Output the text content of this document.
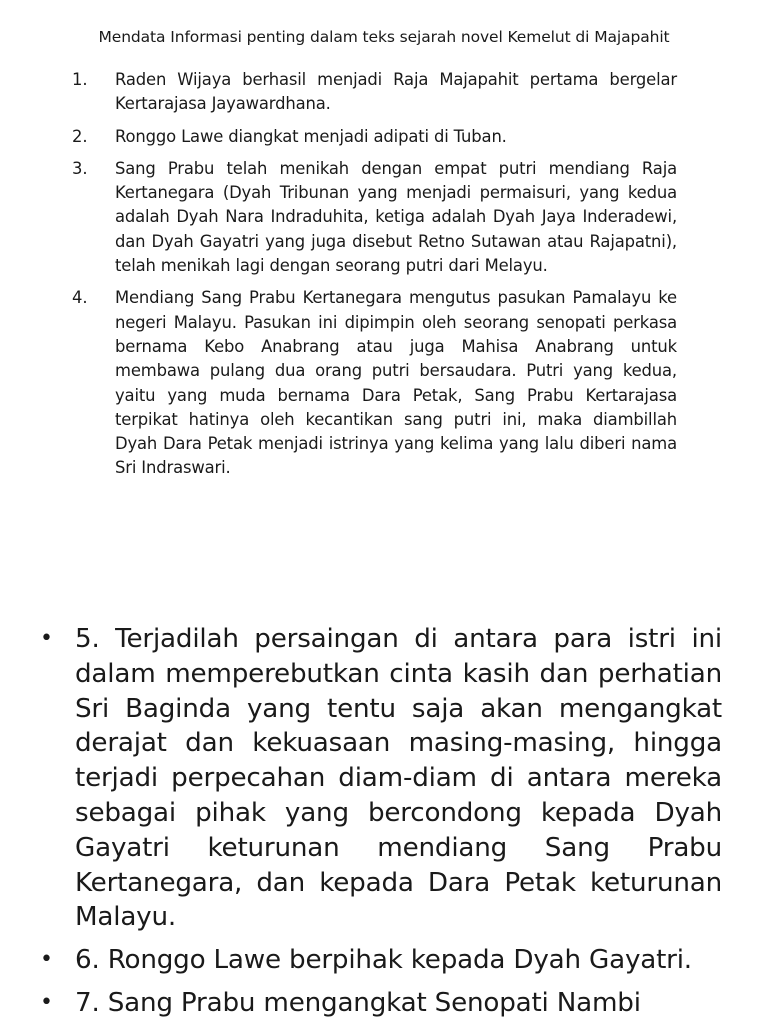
Mendata Informasi penting dalam teks sejarah novel Kemelut di Majapahit
1.	Raden Wijaya berhasil menjadi Raja Majapahit pertama bergelar Kertarajasa Jayawardhana.
2.	Ronggo Lawe diangkat menjadi adipati di Tuban.
3.	Sang Prabu telah menikah dengan empat putri mendiang Raja Kertanegara (Dyah Tribunan yang menjadi permaisuri, yang kedua adalah Dyah Nara Indraduhita, ketiga adalah Dyah Jaya Inderadewi, dan Dyah Gayatri yang juga disebut Retno Sutawan atau Rajapatni), telah menikah lagi dengan seorang putri dari Melayu.
4.	Mendiang Sang Prabu Kertanegara mengutus pasukan Pamalayu ke negeri Malayu. Pasukan ini dipimpin oleh seorang senopati perkasa bernama Kebo Anabrang atau juga Mahisa Anabrang untuk membawa pulang dua orang putri bersaudara. Putri yang kedua, yaitu yang muda bernama Dara Petak, Sang Prabu Kertarajasa terpikat hatinya oleh kecantikan sang putri ini, maka diambillah Dyah Dara Petak menjadi istrinya yang kelima yang lalu diberi nama Sri Indraswari.
• 5. Terjadilah persaingan di antara para istri ini dalam memperebutkan cinta kasih dan perhatian Sri Baginda yang tentu saja akan mengangkat derajat dan kekuasaan masing-masing, hingga terjadi perpecahan diam-diam di antara mereka sebagai pihak yang bercondong kepada Dyah Gayatri keturunan mendiang Sang Prabu Kertanegara, dan kepada Dara Petak keturunan Malayu.
• 6. Ronggo Lawe berpihak kepada Dyah Gayatri.
• 7. Sang Prabu mengangkat Senopati Nambi
